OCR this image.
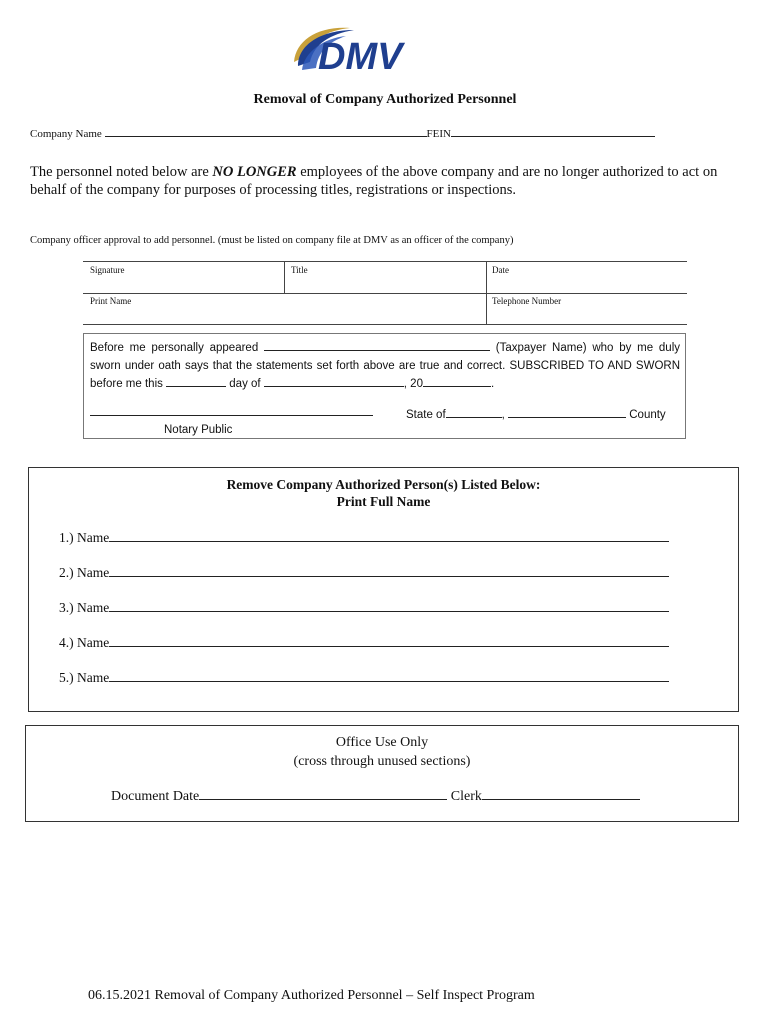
DMV
Removal of Company Authorized Personnel
Company Name	FEIN
The personnel noted below are NO LONGER employees of the above company and are no longer authorized to act on behalf of the company for purposes of processing titles, registrations or inspections.
Company officer approval to add personnel. (must be listed on company file at DMV as an officer of the company)
Signature	Title	Date
Print Name	Telephone Number
Before me personally appeared	(Taxpayer Name) who by me duly sworn under oath says that the statements set forth above are true and correct. SUBSCRIBED TO AND SWORN before me this	day of	, 20	.
State of	,	County
Notary Public
Remove Company Authorized Person(s) Listed Below:
Print Full Name
1.) Name
2.) Name
3.) Name
4.) Name
5.) Name
Office Use Only
(cross through unused sections)
Document Date	Clerk
06.15.2021 Removal of Company Authorized Personnel – Self Inspect Program
